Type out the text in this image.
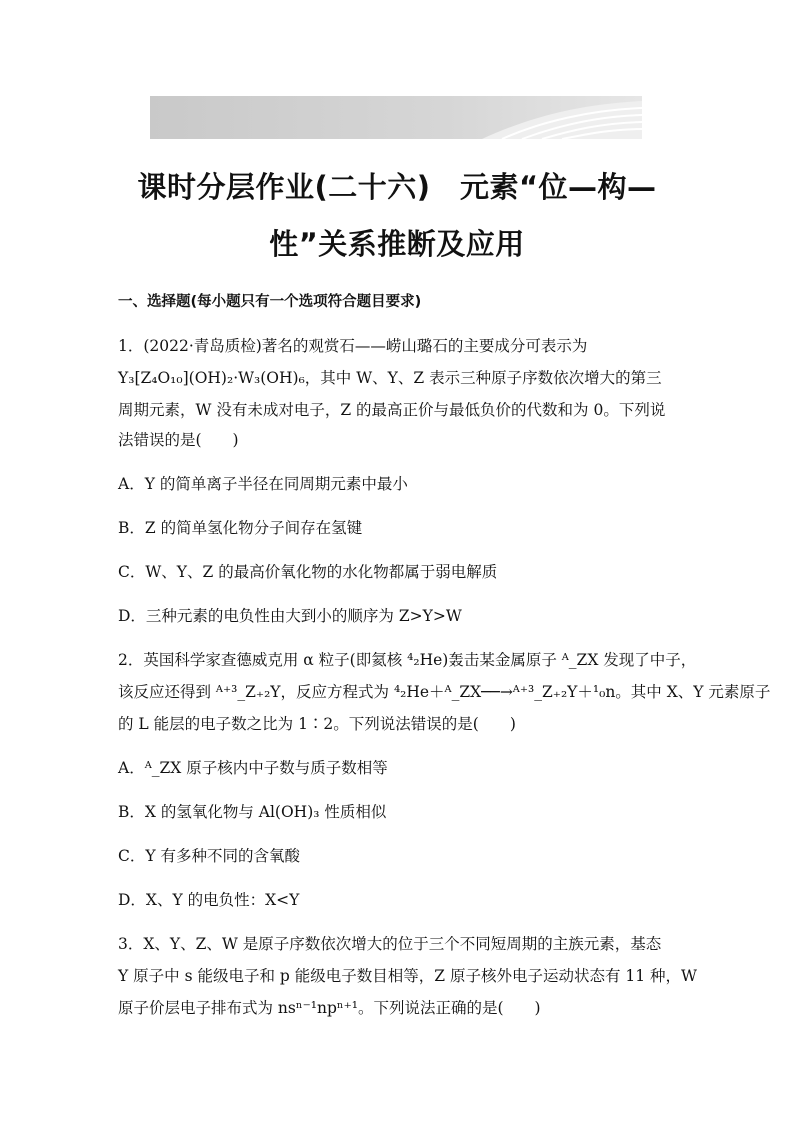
课时分层作业(二十六)　元素“位—构—
性”关系推断及应用
一、选择题(每小题只有一个选项符合题目要求)
1．(2022·青岛质检)著名的观赏石——崂山璐石的主要成分可表示为
Y₃[Z₄O₁₀](OH)₂·W₃(OH)₆，其中 W、Y、Z 表示三种原子序数依次增大的第三
周期元素，W 没有未成对电子，Z 的最高正价与最低负价的代数和为 0。下列说
法错误的是(　　)
A．Y 的简单离子半径在同周期元素中最小
B．Z 的简单氢化物分子间存在氢键
C．W、Y、Z 的最高价氧化物的水化物都属于弱电解质
D．三种元素的电负性由大到小的顺序为 Z>Y>W
2．英国科学家查德威克用 α 粒子(即氦核 ⁴₂He)轰击某金属原子 ᴬ_ZX 发现了中子，
该反应还得到 ᴬ⁺³_Z₊₂Y，反应方程式为 ⁴₂He＋ᴬ_ZX──→ᴬ⁺³_Z₊₂Y＋¹₀n。其中 X、Y 元素原子
的 L 能层的电子数之比为 1∶2。下列说法错误的是(　　)
A．ᴬ_ZX 原子核内中子数与质子数相等
B．X 的氢氧化物与 Al(OH)₃ 性质相似
C．Y 有多种不同的含氧酸
D．X、Y 的电负性：X<Y
3．X、Y、Z、W 是原子序数依次增大的位于三个不同短周期的主族元素，基态
Y 原子中 s 能级电子和 p 能级电子数目相等，Z 原子核外电子运动状态有 11 种，W
原子价层电子排布式为 nsⁿ⁻¹npⁿ⁺¹。下列说法正确的是(　　)
